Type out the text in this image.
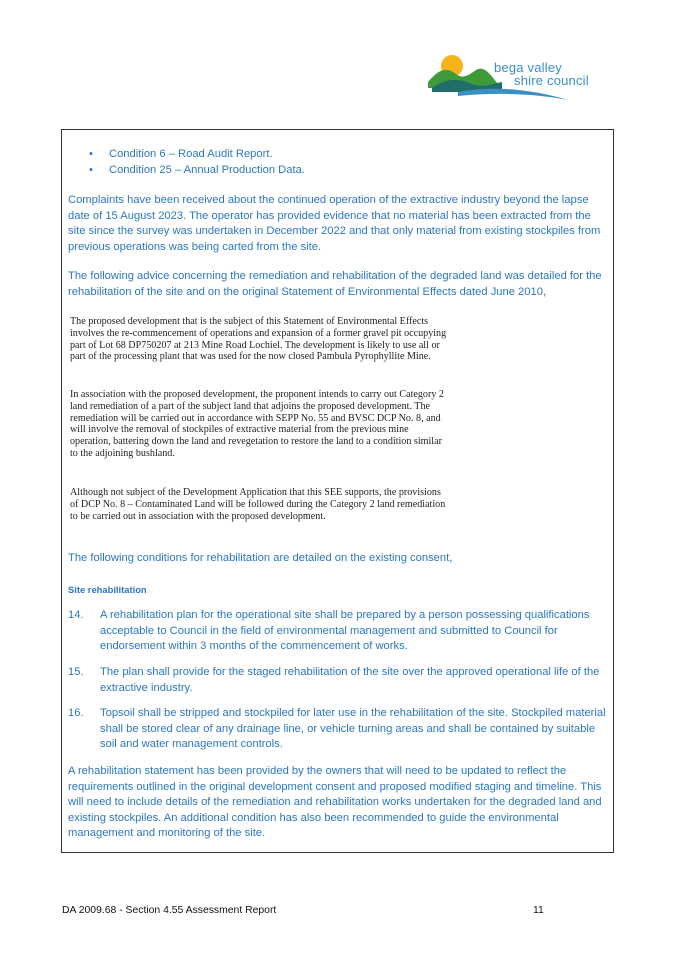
bega valley
shire council
• Condition 6 – Road Audit Report.
• Condition 25 – Annual Production Data.

Complaints have been received about the continued operation of the extractive industry beyond the lapse date of 15 August 2023. The operator has provided evidence that no material has been extracted from the site since the survey was undertaken in December 2022 and that only material from existing stockpiles from previous operations was being carted from the site.

The following advice concerning the remediation and rehabilitation of the degraded land was detailed for the rehabilitation of the site and on the original Statement of Environmental Effects dated June 2010,

The proposed development that is the subject of this Statement of Environmental Effects involves the re-commencement of operations and expansion of a former gravel pit occupying part of Lot 68 DP750207 at 213 Mine Road Lochiel. The development is likely to use all or part of the processing plant that was used for the now closed Pambula Pyrophyllite Mine.

In association with the proposed development, the proponent intends to carry out Category 2 land remediation of a part of the subject land that adjoins the proposed development. The remediation will be carried out in accordance with SEPP No. 55 and BVSC DCP No. 8, and will involve the removal of stockpiles of extractive material from the previous mine operation, battering down the land and revegetation to restore the land to a condition similar to the adjoining bushland.

Although not subject of the Development Application that this SEE supports, the provisions of DCP No. 8 – Contaminated Land will be followed during the Category 2 land remediation to be carried out in association with the proposed development.

The following conditions for rehabilitation are detailed on the existing consent,

Site rehabilitation

14.	A rehabilitation plan for the operational site shall be prepared by a person possessing qualifications acceptable to Council in the field of environmental management and submitted to Council for endorsement within 3 months of the commencement of works.
15.	The plan shall provide for the staged rehabilitation of the site over the approved operational life of the extractive industry.
16.	Topsoil shall be stripped and stockpiled for later use in the rehabilitation of the site. Stockpiled material shall be stored clear of any drainage line, or vehicle turning areas and shall be contained by suitable soil and water management controls.

A rehabilitation statement has been provided by the owners that will need to be updated to reflect the requirements outlined in the original development consent and proposed modified staging and timeline. This will need to include details of the remediation and rehabilitation works undertaken for the degraded land and existing stockpiles. An additional condition has also been recommended to guide the environmental management and monitoring of the site.

DA 2009.68 - Section 4.55 Assessment Report	11
